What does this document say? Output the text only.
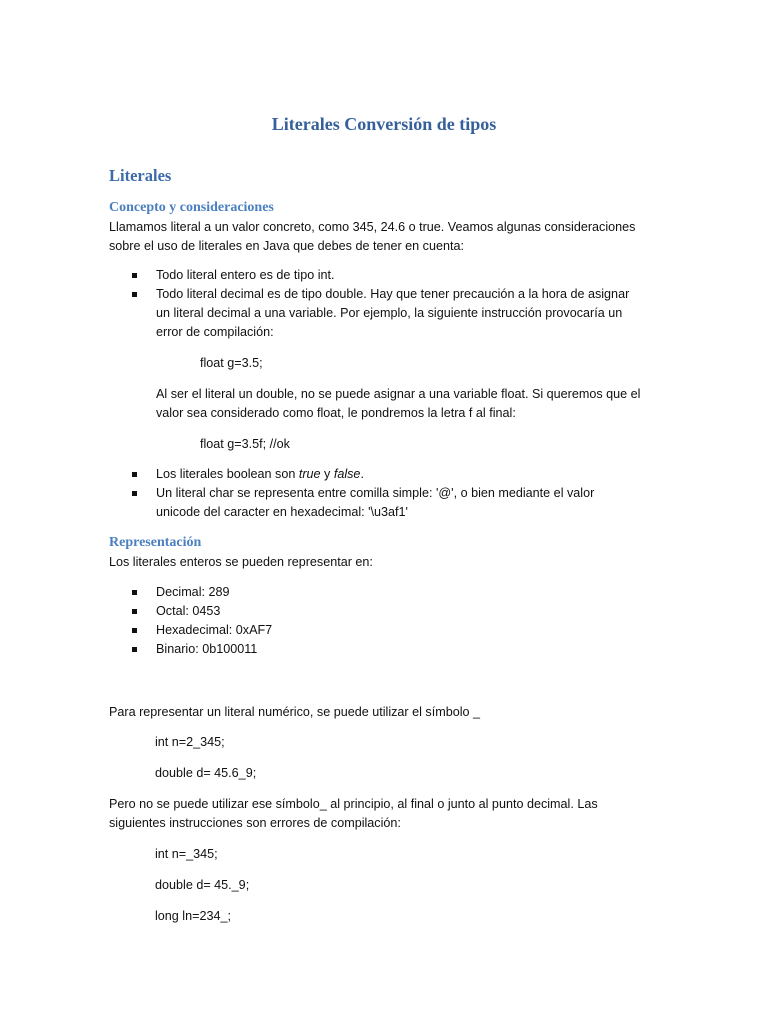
Literales Conversión de tipos
Literales
Concepto y consideraciones
Llamamos literal a un valor concreto, como 345, 24.6 o true. Veamos algunas consideraciones
sobre el uso de literales en Java que debes de tener en cuenta:
Todo literal entero es de tipo int.
Todo literal decimal es de tipo double. Hay que tener precaución a la hora de asignar
un literal decimal a una variable. Por ejemplo, la siguiente instrucción provocaría un
error de compilación:
float g=3.5;
Al ser el literal un double, no se puede asignar a una variable float. Si queremos que el
valor sea considerado como float, le pondremos la letra f al final:
float g=3.5f; //ok
Los literales boolean son true y false.
Un literal char se representa entre comilla simple: '@', o bien mediante el valor
unicode del caracter en hexadecimal: '\u3af1'
Representación
Los literales enteros se pueden representar en:
Decimal: 289
Octal: 0453
Hexadecimal: 0xAF7
Binario: 0b100011
Para representar un literal numérico, se puede utilizar el símbolo _
int n=2_345;
double d= 45.6_9;
Pero no se puede utilizar ese símbolo_ al principio, al final o junto al punto decimal. Las
siguientes instrucciones son errores de compilación:
int n=_345;
double d= 45._9;
long ln=234_;
